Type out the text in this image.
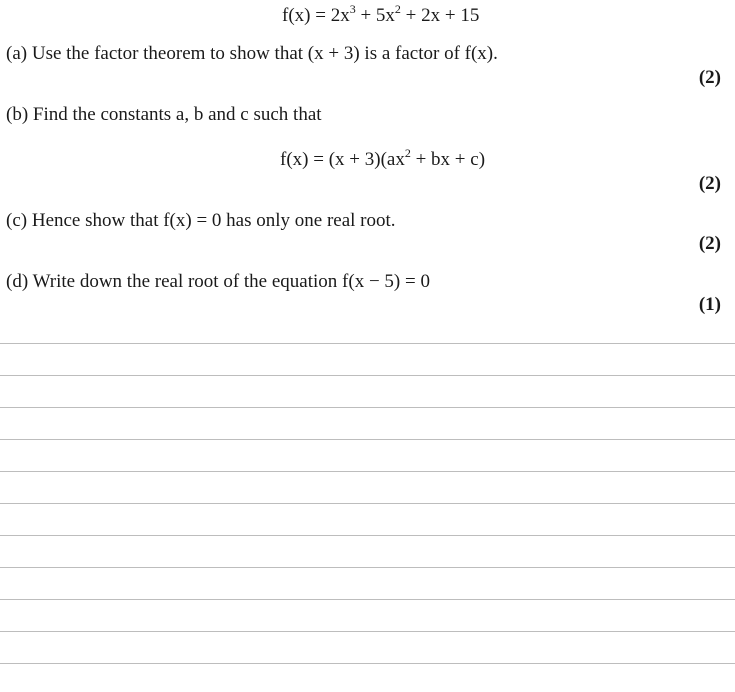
$f(x) = 2x^3 + 5x^2 + 2x + 15$
(a) Use the factor theorem to show that (x + 3) is a factor of f(x).
(2)
(b) Find the constants a, b and c such that
$f(x) = (x + 3)(ax^2$ + bx + c)
(2)
(c) Hence show that f(x) = 0 has only one real root.
(2)
(d) Write down the real root of the equation f(x − 5) = 0
(1)
